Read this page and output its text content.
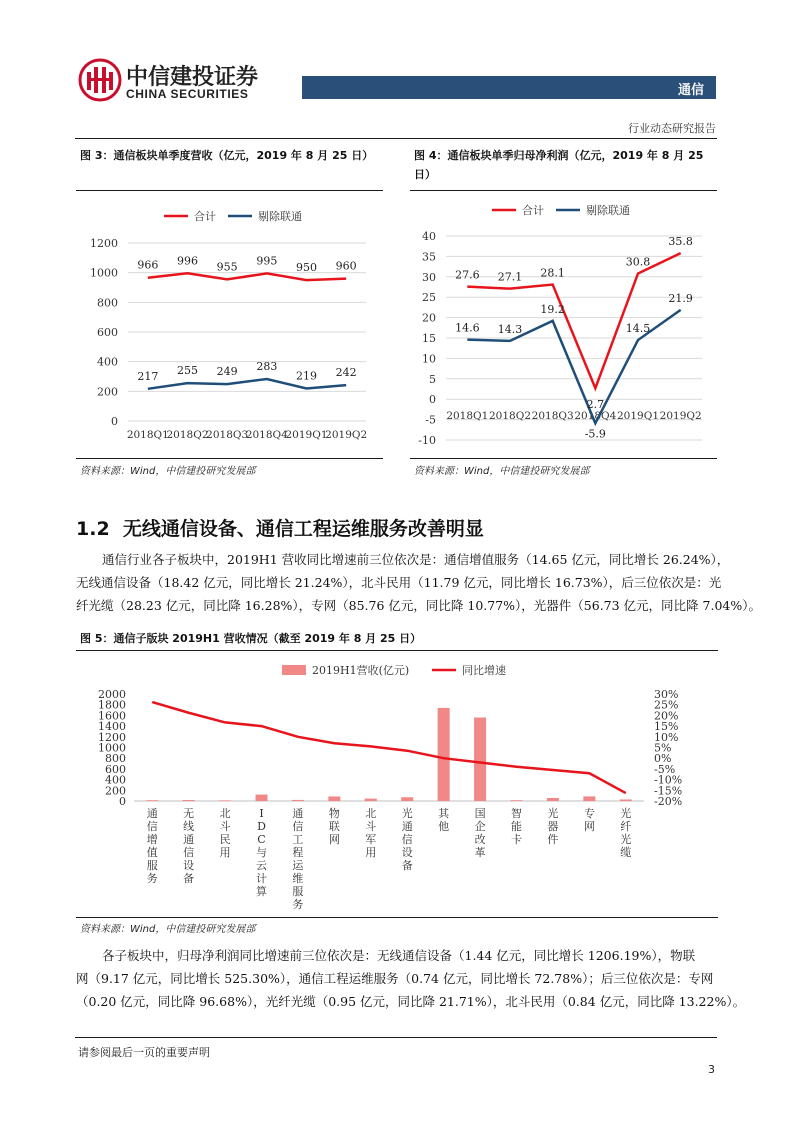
中信建投证券
CHINA SECURITIES	通信
行业动态研究报告
图 3：通信板块单季度营收（亿元，2019 年 8 月 25 日）
0
200
400
600
800
1000
1200
2018Q1
2018Q2
2018Q3
2018Q4
2019Q1
2019Q2
合计
966 996 955 995
950 960
剔除联通
217 255 249 283
219 242
资料来源：Wind，中信建投研究发展部
图 4：通信板块单季归母净利润（亿元，2019 年 8 月 25
日）
-10
-5
0
5
10
15
20
25
30
35
40
2018Q1 2018Q2 2018Q3 2018Q4 2019Q1 2019Q2
合计	剔除联通
27.6 27.1 28.1
2.7
30.8
35.8
14.6 14.3
19.2
-5.9
14.5
21.9
资料来源：Wind，中信建投研究发展部
1.2  无线通信设备、通信工程运维服务改善明显
通信行业各子板块中，2019H1 营收同比增速前三位依次是：通信增值服务（14.65 亿元，同比增长 26.24%），
无线通信设备（18.42 亿元，同比增长 21.24%），北斗民用（11.79 亿元，同比增长 16.73%），后三位依次是：光
纤光缆（28.23 亿元，同比降 16.28%），专网（85.76 亿元，同比降 10.77%），光器件（56.73 亿元，同比降 7.04%）。
图 5：通信子版块 2019H1 营收情况（截至 2019 年 8 月 25 日）
0
200
400
600
800
1000
1200
1400
1600
1800
2000	30%
25%
20%
15%
10%
5%
0%
-5%
-10%
-15%
-20%
通信增值服务
无线通信设备
北斗民用
I D C 与云计算
通信工程运维服务
物联网
北斗军用
光通信设备
其他
国企改革
智能卡
光器件
专网
光纤光缆
2019H1营收(亿元)	同比增速
资料来源：Wind，中信建投研究发展部
各子板块中，归母净利润同比增速前三位依次是：无线通信设备（1.44 亿元，同比增长 1206.19%），物联
网（9.17 亿元，同比增长 525.30%），通信工程运维服务（0.74 亿元，同比增长 72.78%）；后三位依次是：专网
（0.20 亿元，同比降 96.68%），光纤光缆（0.95 亿元，同比降 21.71%），北斗民用（0.84 亿元，同比降 13.22%）。
请参阅最后一页的重要声明
3
